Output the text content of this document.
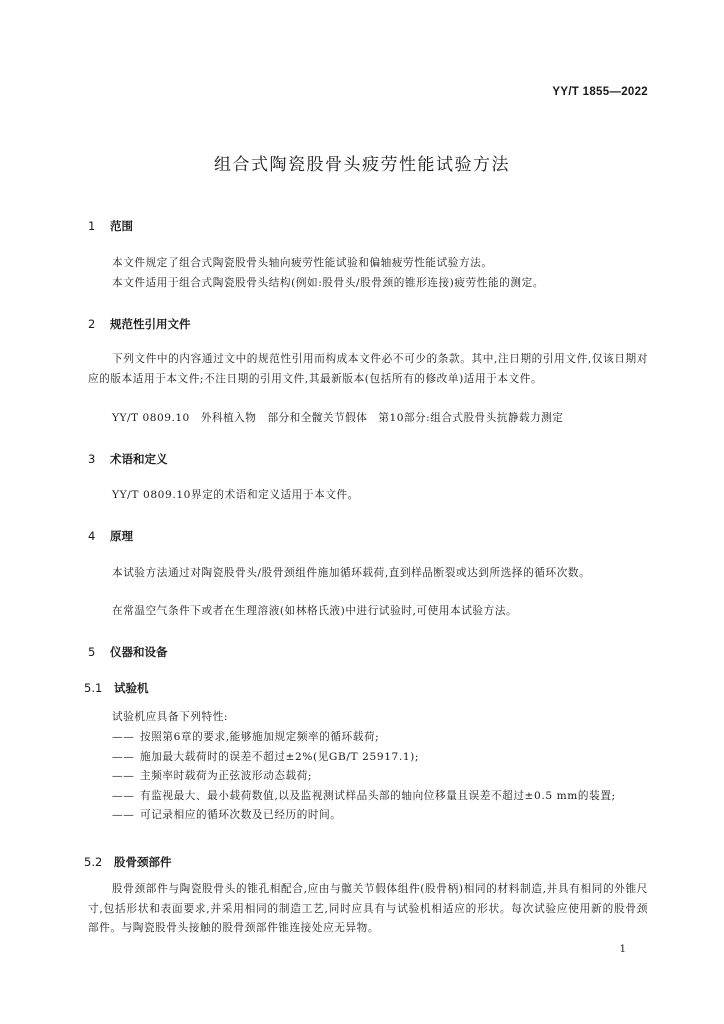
YY/T 1855—2022
组合式陶瓷股骨头疲劳性能试验方法
1 范围
本文件规定了组合式陶瓷股骨头轴向疲劳性能试验和偏轴疲劳性能试验方法。
本文件适用于组合式陶瓷股骨头结构(例如:股骨头/股骨颈的锥形连接)疲劳性能的测定。
2 规范性引用文件
下列文件中的内容通过文中的规范性引用而构成本文件必不可少的条款。其中,注日期的引用文件,仅该日期对应的版本适用于本文件;不注日期的引用文件,其最新版本(包括所有的修改单)适用于本文件。
YY/T 0809.10　外科植入物　部分和全髋关节假体　第10部分:组合式股骨头抗静载力测定
3 术语和定义
YY/T 0809.10界定的术语和定义适用于本文件。
4 原理
本试验方法通过对陶瓷股骨头/股骨颈组件施加循环载荷,直到样品断裂或达到所选择的循环次数。
在常温空气条件下或者在生理溶液(如林格氏液)中进行试验时,可使用本试验方法。
5 仪器和设备
5.1 试验机
试验机应具备下列特性:
—— 按照第6章的要求,能够施加规定频率的循环载荷;
—— 施加最大载荷时的误差不超过±2%(见GB/T 25917.1);
—— 主频率时载荷为正弦波形动态载荷;
—— 有监视最大、最小载荷数值,以及监视测试样品头部的轴向位移量且误差不超过±0.5 mm的装置;
—— 可记录相应的循环次数及已经历的时间。
5.2 股骨颈部件
股骨颈部件与陶瓷股骨头的锥孔相配合,应由与髋关节假体组件(股骨柄)相同的材料制造,并具有相同的外锥尺寸,包括形状和表面要求,并采用相同的制造工艺,同时应具有与试验机相适应的形状。每次试验应使用新的股骨颈部件。与陶瓷股骨头接触的股骨颈部件锥连接处应无异物。
1
